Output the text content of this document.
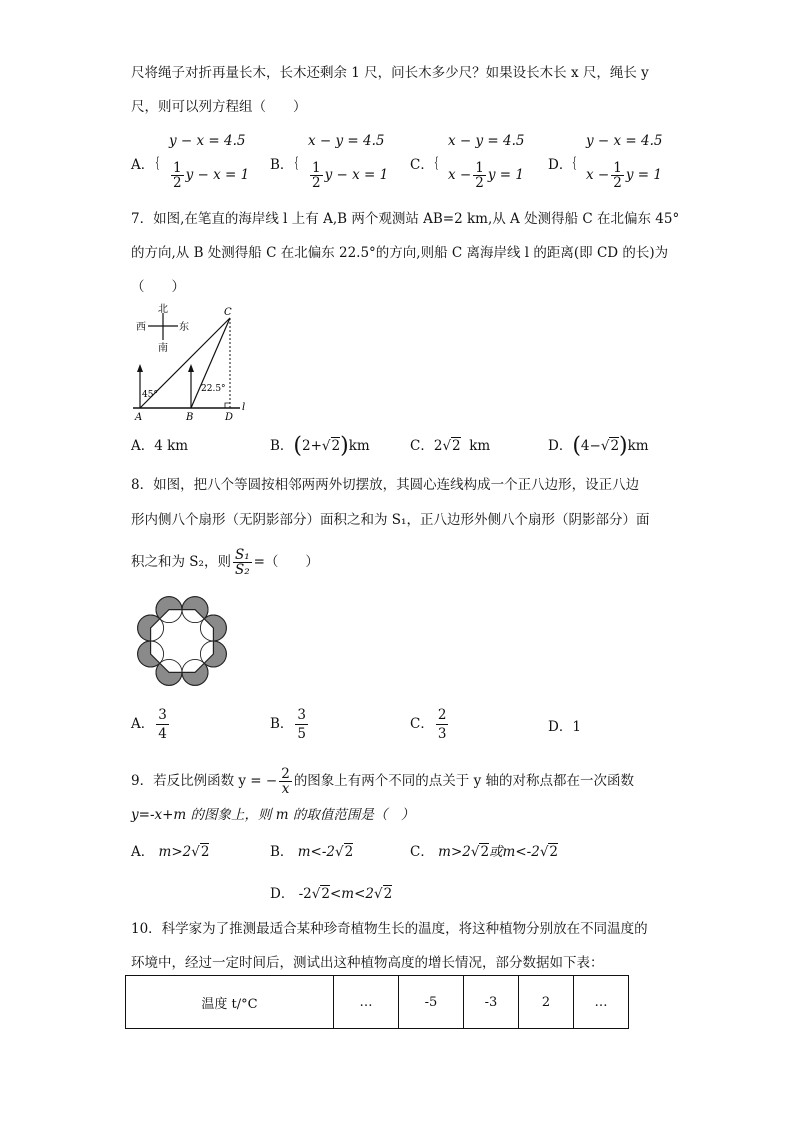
尺将绳子对折再量长木，长木还剩余 1 尺，问长木多少尺？如果设长木长 x 尺，绳长 y
尺，则可以列方程组（　　）
A． {
y − x = 4.5
$\frac{1}{2}$ y − x = 1
B． {
x − y = 4.5
$\frac{1}{2}$ y − x = 1
C． {
x − y = 4.5
$x - \frac{1}{2}$ y = 1
D． {
y − x = 4.5
$x - \frac{1}{2}$ y = 1
7．如图,在笔直的海岸线 l 上有 A,B 两个观测站 AB=2 km,从 A 处测得船 C 在北偏东 45°
的方向,从 B 处测得船 C 在北偏东 22.5°的方向,则船 C 离海岸线 l 的距离(即 CD 的长)为
（　　）
北
西	东
南
l
45°
22.5°
C
A	B	D
A．4 km	B．(2+√2)km	C．2√2 km	D．(4−√2)km
8．如图，把八个等圆按相邻两两外切摆放，其圆心连线构成一个正八边形，设正八边
形内侧八个扇形（无阴影部分）面积之和为 S₁，正八边形外侧八个扇形（阴影部分）面
积之和为 S₂，则 $\frac{\text{S₁}}{\text{S₂}}$ =（　　）
A． $\frac{3}{4}$	B． $\frac{3}{5}$	C． $\frac{2}{3}$	D．1
9．若反比例函数 y = − $\frac{2}{x}$ 的图象上有两个不同的点关于 y 轴的对称点都在一次函数
y=-x+m 的图象上，则 m 的取值范围是（　）
A． m>2√2	B． m<-2√2	C． m>2√2或m<-2√2
D． -2√2<m<2√2
10．科学家为了推测最适合某种珍奇植物生长的温度，将这种植物分别放在不同温度的
环境中，经过一定时间后，测试出这种植物高度的增长情况，部分数据如下表：
温度 t/°C	…	-5	-3	2	…
